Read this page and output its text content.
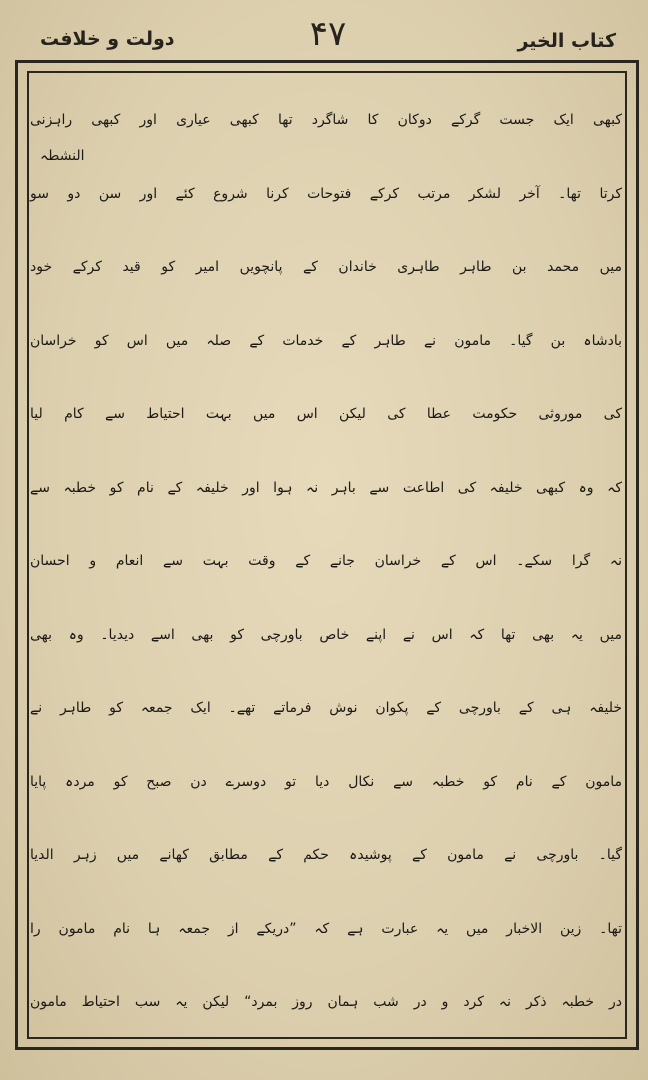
دولت و خلافت	۴۷	کتاب الخیر
النشطہ
کبھی ایک جست گرکے دوکان کا شاگرد تھا کبھی عیاری اور کبھی راہزنی
کرتا تھا۔ آخر لشکر مرتب کرکے فتوحات کرنا شروع کئے اور سن دو سو
میں محمد بن طاہر طاہری خاندان کے پانچویں امیر کو قید کرکے خود
بادشاہ بن گیا۔ مامون نے طاہر کے خدمات کے صلہ میں اس کو خراسان
کی موروثی حکومت عطا کی لیکن اس میں بہت احتیاط سے کام لیا
کہ وہ کبھی خلیفہ کی اطاعت سے باہر نہ ہوا اور خلیفہ کے نام کو خطبہ سے
نہ گرا سکے۔ اس کے خراسان جانے کے وقت بہت سے انعام و احسان
میں یہ بھی تھا کہ اس نے اپنے خاص باورچی کو بھی اسے دیدیا۔ وہ بھی
خلیفہ ہی کے باورچی کے پکوان نوش فرماتے تھے۔ ایک جمعہ کو طاہر نے
مامون کے نام کو خطبہ سے نکال دیا تو دوسرے دن صبح کو مردہ پایا
گیا۔ باورچی نے مامون کے پوشیدہ حکم کے مطابق کھانے میں زہر الدیا
تھا۔ زین الاخبار میں یہ عبارت ہے کہ ”دریکے از جمعہ ہا نام مامون را
در خطبہ ذکر نہ کرد و در شب ہمان روز بمرد“ لیکن یہ سب احتیاط مامون
